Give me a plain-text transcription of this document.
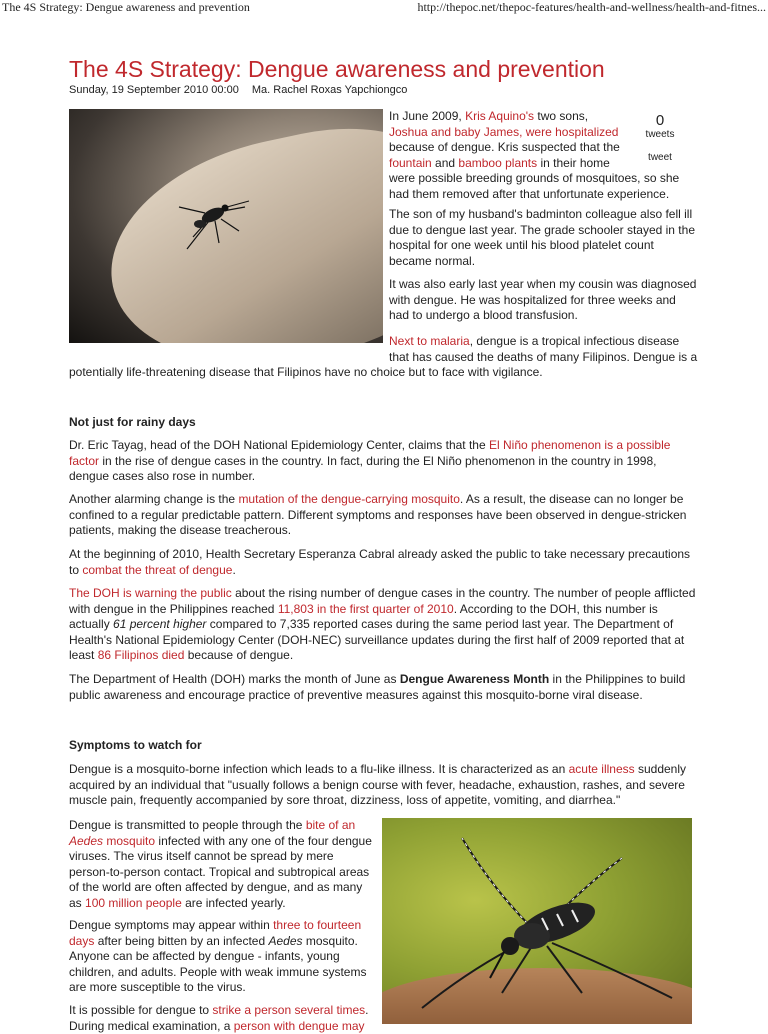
The 4S Strategy: Dengue awareness and prevention	http://thepoc.net/thepoc-features/health-and-wellness/health-and-fitnes...
The 4S Strategy: Dengue awareness and prevention
Sunday, 19 September 2010 00:00 Ma. Rachel Roxas Yapchiongco
0
tweets
tweet

In June 2009, Kris Aquino's two sons, Joshua and baby James, were hospitalized because of dengue. Kris suspected that the fountain and bamboo plants in their home were possible breeding grounds of mosquitoes, so she had them removed after that unfortunate experience.

The son of my husband's badminton colleague also fell ill due to dengue last year. The grade schooler stayed in the hospital for one week until his blood platelet count became normal.

It was also early last year when my cousin was diagnosed with dengue. He was hospitalized for three weeks and had to undergo a blood transfusion.

Next to malaria, dengue is a tropical infectious disease that has caused the deaths of many Filipinos. Dengue is a potentially life-threatening disease that Filipinos have no choice but to face with vigilance.

Not just for rainy days

Dr. Eric Tayag, head of the DOH National Epidemiology Center, claims that the El Niño phenomenon is a possible factor in the rise of dengue cases in the country. In fact, during the El Niño phenomenon in the country in 1998, dengue cases also rose in number.

Another alarming change is the mutation of the dengue-carrying mosquito. As a result, the disease can no longer be confined to a regular predictable pattern. Different symptoms and responses have been observed in dengue-stricken patients, making the disease treacherous.

At the beginning of 2010, Health Secretary Esperanza Cabral already asked the public to take necessary precautions to combat the threat of dengue.

The DOH is warning the public about the rising number of dengue cases in the country. The number of people afflicted with dengue in the Philippines reached 11,803 in the first quarter of 2010. According to the DOH, this number is actually 61 percent higher compared to 7,335 reported cases during the same period last year. The Department of Health's National Epidemiology Center (DOH-NEC) surveillance updates during the first half of 2009 reported that at least 86 Filipinos died because of dengue.

The Department of Health (DOH) marks the month of June as Dengue Awareness Month in the Philippines to build public awareness and encourage practice of preventive measures against this mosquito-borne viral disease.

Symptoms to watch for

Dengue is a mosquito-borne infection which leads to a flu-like illness. It is characterized as an acute illness suddenly acquired by an individual that "usually follows a benign course with fever, headache, exhaustion, rashes, and severe muscle pain, frequently accompanied by sore throat, dizziness, loss of appetite, vomiting, and diarrhea."

Dengue is transmitted to people through the bite of an Aedes mosquito infected with any one of the four dengue viruses. The virus itself cannot be spread by mere person-to-person contact. Tropical and subtropical areas of the world are often affected by dengue, and as many as 100 million people are infected yearly.

Dengue symptoms may appear within three to fourteen days after being bitten by an infected Aedes mosquito. Anyone can be affected by dengue - infants, young children, and adults. People with weak immune systems are more susceptible to the virus.

It is possible for dengue to strike a person several times. During medical examination, a person with dengue may
